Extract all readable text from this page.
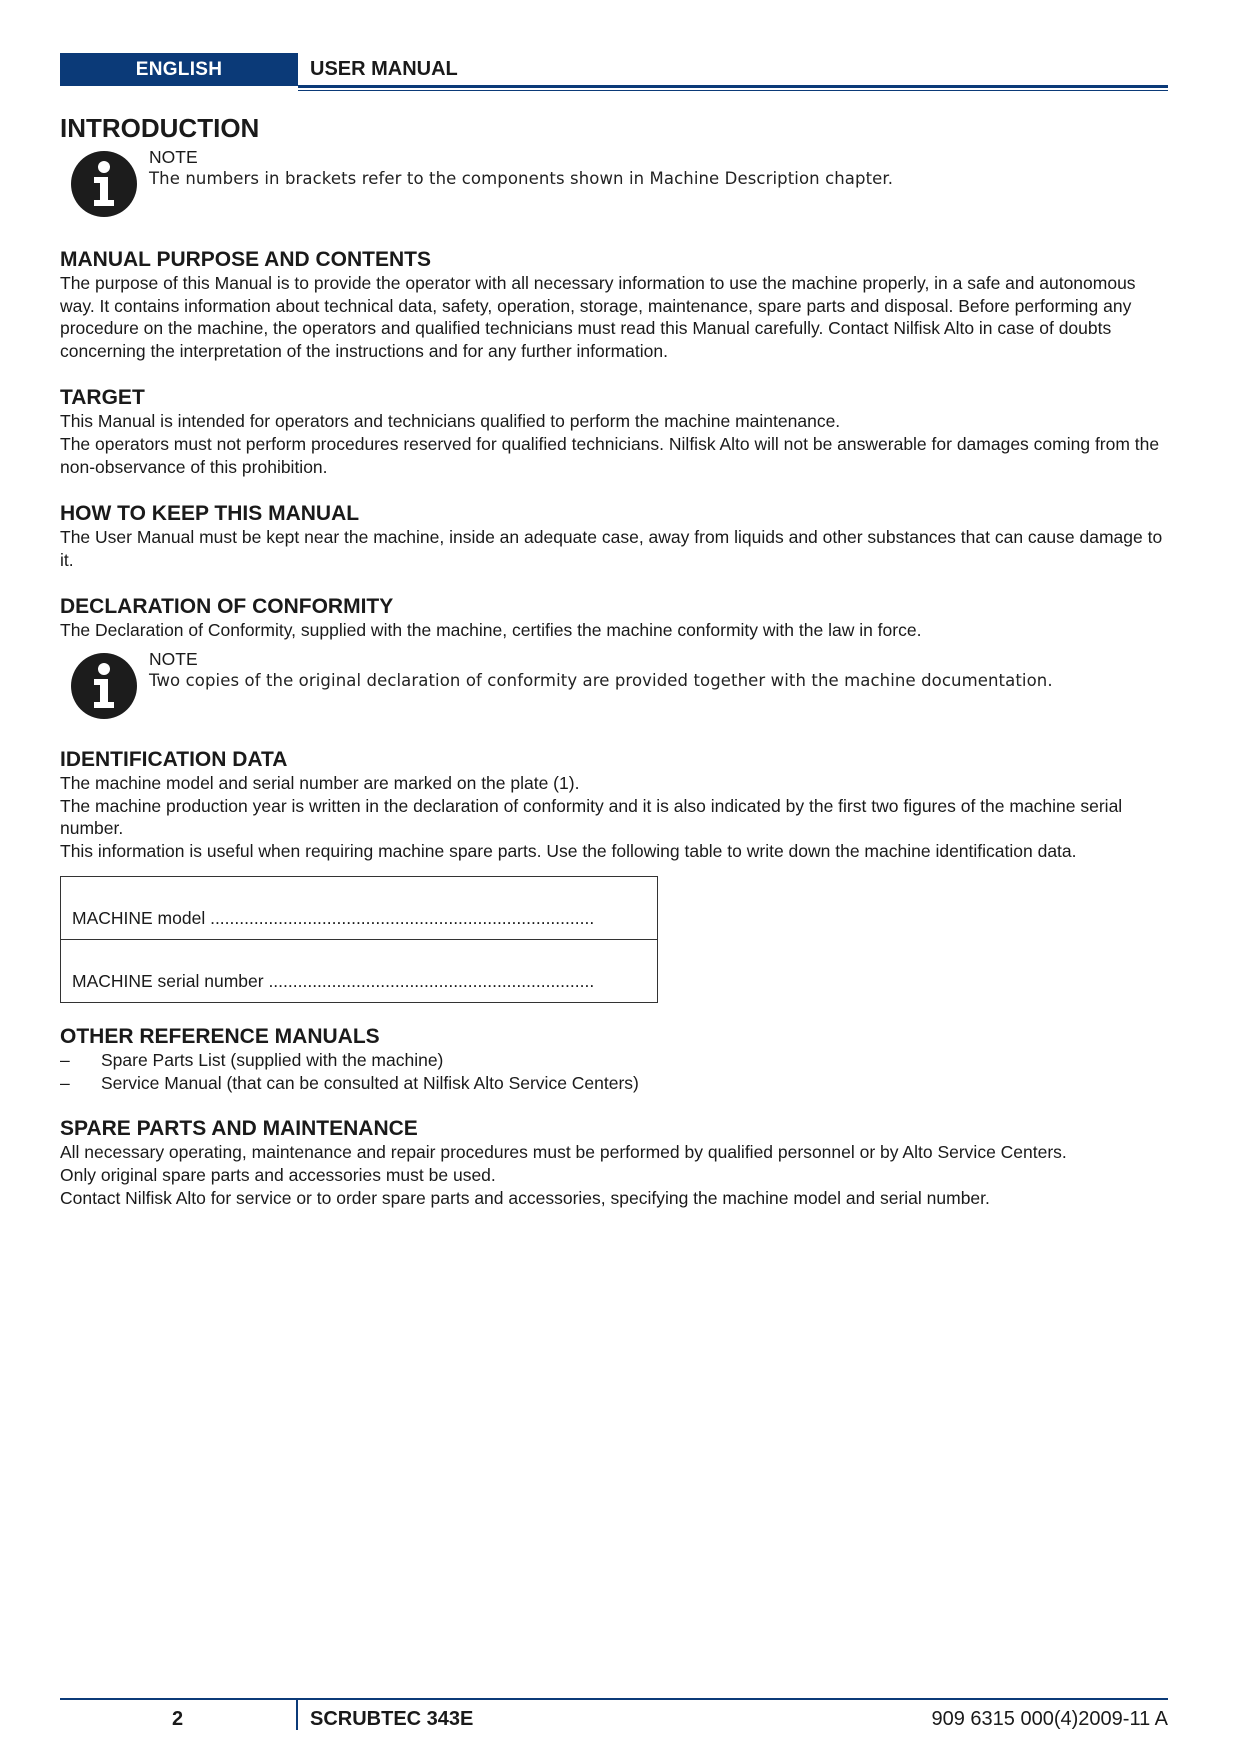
ENGLISH	USER MANUAL
INTRODUCTION
NOTE
The numbers in brackets refer to the components shown in Machine Description chapter.
MANUAL PURPOSE AND CONTENTS

The purpose of this Manual is to provide the operator with all necessary information to use the machine properly, in a safe and autonomous way. It contains information about technical data, safety, operation, storage, maintenance, spare parts and disposal. Before performing any procedure on the machine, the operators and qualified technicians must read this Manual carefully. Contact Nilfisk Alto in case of doubts concerning the interpretation of the instructions and for any further information.

TARGET

This Manual is intended for operators and technicians qualified to perform the machine maintenance.

The operators must not perform procedures reserved for qualified technicians. Nilfisk Alto will not be answerable for damages coming from the non-observance of this prohibition.

HOW TO KEEP THIS MANUAL

The User Manual must be kept near the machine, inside an adequate case, away from liquids and other substances that can cause damage to it.

DECLARATION OF CONFORMITY

The Declaration of Conformity, supplied with the machine, certifies the machine conformity with the law in force.

NOTE
Two copies of the original declaration of conformity are provided together with the machine documentation.
IDENTIFICATION DATA

The machine model and serial number are marked on the plate (1).

The machine production year is written in the declaration of conformity and it is also indicated by the first two figures of the machine serial number.

This information is useful when requiring machine spare parts. Use the following table to write down the machine identification data.

MACHINE model ...............................................................................
MACHINE serial number ...................................................................
OTHER REFERENCE MANUALS
–	Spare Parts List (supplied with the machine)
–	Service Manual (that can be consulted at Nilfisk Alto Service Centers)
SPARE PARTS AND MAINTENANCE

All necessary operating, maintenance and repair procedures must be performed by qualified personnel or by Alto Service Centers.

Only original spare parts and accessories must be used.

Contact Nilfisk Alto for service or to order spare parts and accessories, specifying the machine model and serial number.

2	SCRUBTEC 343E	909 6315 000(4)2009-11 A
